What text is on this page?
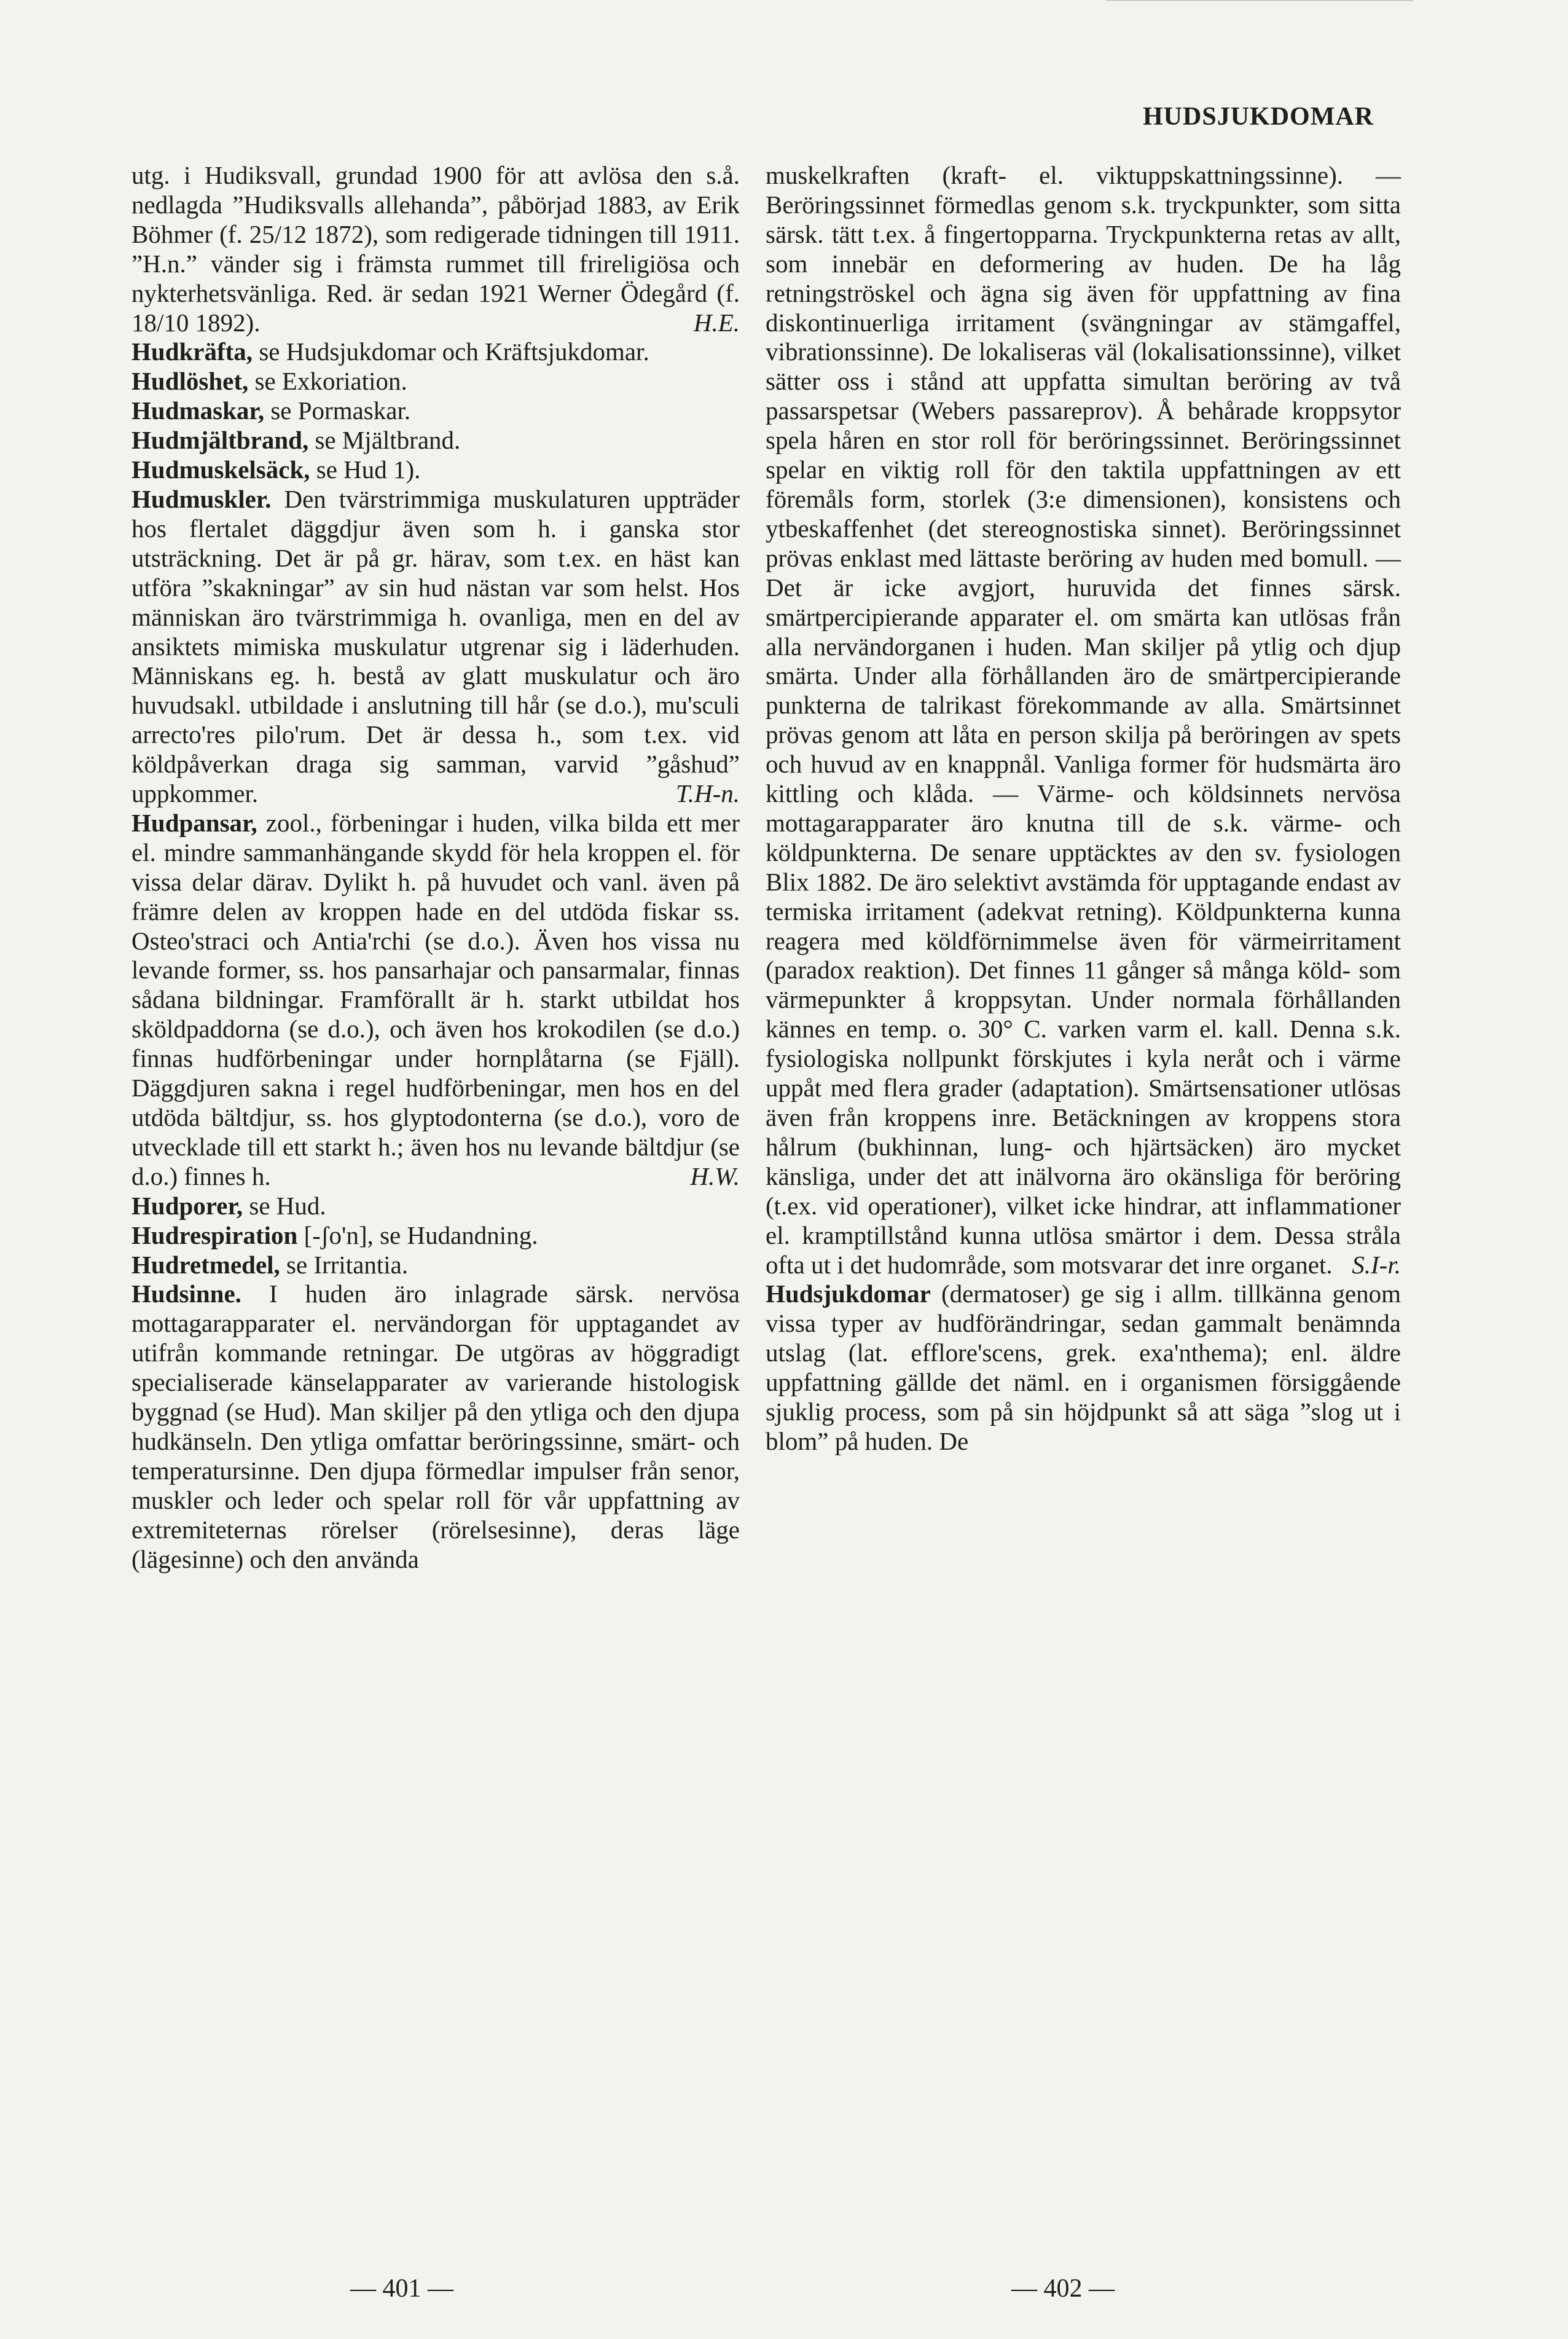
HUDSJUKDOMAR

utg. i Hudiksvall, grundad 1900 för att avlösa den s.å. nedlagda ”Hudiksvalls allehanda”, påbörjad 1883, av Erik Böhmer (f. 25/12 1872), som redigerade tidningen till 1911. ”H.n.” vänder sig i främsta rummet till frireligiösa och nykterhetsvänliga. Red. är sedan 1921 Werner Ödegård (f. 18/10 1892).	H.E.

Hudkräfta, se Hudsjukdomar och Kräftsjukdomar.

Hudlöshet, se Exkoriation.

Hudmaskar, se Pormaskar.

Hudmjältbrand, se Mjältbrand.

Hudmuskelsäck, se Hud 1).

Hudmuskler. Den tvärstrimmiga muskulaturen uppträder hos flertalet däggdjur även som h. i ganska stor utsträckning. Det är på gr. härav, som t.ex. en häst kan utföra ”skakningar” av sin hud nästan var som helst. Hos människan äro tvärstrimmiga h. ovanliga, men en del av ansiktets mimiska muskulatur utgrenar sig i läderhuden. Människans eg. h. bestå av glatt muskulatur och äro huvudsakl. utbildade i anslutning till hår (se d.o.), mu'sculi arrecto'res pilo'rum. Det är dessa h., som t.ex. vid köldpåverkan draga sig samman, varvid ”gåshud” uppkommer.	T.H-n.

Hudpansar, zool., förbeningar i huden, vilka bilda ett mer el. mindre sammanhängande skydd för hela kroppen el. för vissa delar därav. Dylikt h. på huvudet och vanl. även på främre delen av kroppen hade en del utdöda fiskar ss. Osteo'straci och Antia'rchi (se d.o.). Även hos vissa nu levande former, ss. hos pansarhajar och pansarmalar, finnas sådana bildningar. Framförallt är h. starkt utbildat hos sköldpaddorna (se d.o.), och även hos krokodilen (se d.o.) finnas hudförbeningar under hornplåtarna (se Fjäll). Däggdjuren sakna i regel hudförbeningar, men hos en del utdöda bältdjur, ss. hos glyptodonterna (se d.o.), voro de utvecklade till ett starkt h.; även hos nu levande bältdjur (se d.o.) finnes h.	H.W.

Hudporer, se Hud.

Hudrespiration [-ʃo'n], se Hudandning.

Hudretmedel, se Irritantia.

Hudsinne. I huden äro inlagrade särsk. nervösa mottagarapparater el. nervändorgan för upptagandet av utifrån kommande retningar. De utgöras av höggradigt specialiserade känselapparater av varierande histologisk byggnad (se Hud). Man skiljer på den ytliga och den djupa hudkänseln. Den ytliga omfattar beröringssinne, smärt- och temperatursinne. Den djupa förmedlar impulser från senor, muskler och leder och spelar roll för vår uppfattning av extremiteternas rörelser (rörelsesinne), deras läge (lägesinne) och den använda

muskelkraften (kraft- el. viktuppskattningssinne). — Beröringssinnet förmedlas genom s.k. tryckpunkter, som sitta särsk. tätt t.ex. å fingertopparna. Tryckpunkterna retas av allt, som innebär en deformering av huden. De ha låg retningströskel och ägna sig även för uppfattning av fina diskontinuerliga irritament (svängningar av stämgaffel, vibrationssinne). De lokaliseras väl (lokalisationssinne), vilket sätter oss i stånd att uppfatta simultan beröring av två passarspetsar (Webers passareprov). Å behårade kroppsytor spela håren en stor roll för beröringssinnet. Beröringssinnet spelar en viktig roll för den taktila uppfattningen av ett föremåls form, storlek (3:e dimensionen), konsistens och ytbeskaffenhet (det stereognostiska sinnet). Beröringssinnet prövas enklast med lättaste beröring av huden med bomull. — Det är icke avgjort, huruvida det finnes särsk. smärtpercipierande apparater el. om smärta kan utlösas från alla nervändorganen i huden. Man skiljer på ytlig och djup smärta. Under alla förhållanden äro de smärtpercipierande punkterna de talrikast förekommande av alla. Smärtsinnet prövas genom att låta en person skilja på beröringen av spets och huvud av en knappnål. Vanliga former för hudsmärta äro kittling och klåda. — Värme- och köldsinnets nervösa mottagarapparater äro knutna till de s.k. värme- och köldpunkterna. De senare upptäcktes av den sv. fysiologen Blix 1882. De äro selektivt avstämda för upptagande endast av termiska irritament (adekvat retning). Köldpunkterna kunna reagera med köldförnimmelse även för värmeirritament (paradox reaktion). Det finnes 11 gånger så många köld- som värmepunkter å kroppsytan. Under normala förhållanden kännes en temp. o. 30° C. varken varm el. kall. Denna s.k. fysiologiska nollpunkt förskjutes i kyla neråt och i värme uppåt med flera grader (adaptation). Smärtsensationer utlösas även från kroppens inre. Betäckningen av kroppens stora hålrum (bukhinnan, lung- och hjärtsäcken) äro mycket känsliga, under det att inälvorna äro okänsliga för beröring (t.ex. vid operationer), vilket icke hindrar, att inflammationer el. kramptillstånd kunna utlösa smärtor i dem. Dessa stråla ofta ut i det hudområde, som motsvarar det inre organet. S.I-r.

Hudsjukdomar (dermatoser) ge sig i allm. tillkänna genom vissa typer av hudförändringar, sedan gammalt benämnda utslag (lat. efflore'scens, grek. exa'nthema); enl. äldre uppfattning gällde det näml. en i organismen försiggående sjuklig process, som på sin höjdpunkt så att säga ”slog ut i blom” på huden. De

— 401 —	— 402 —
